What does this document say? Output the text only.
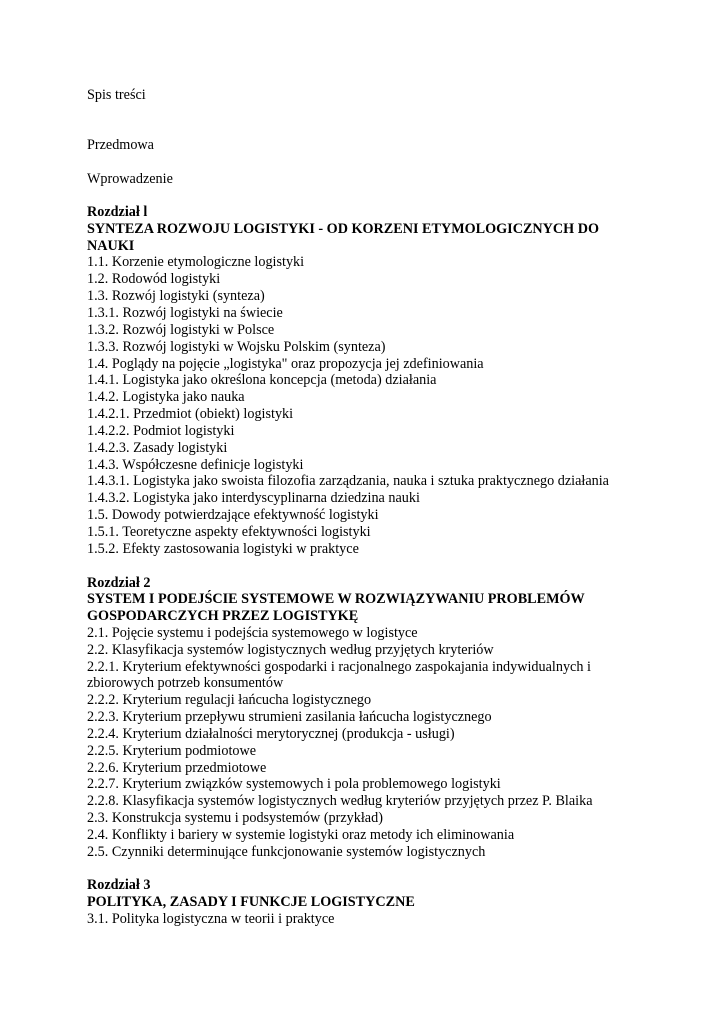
Spis treści
Przedmowa
Wprowadzenie
Rozdział l
SYNTEZA ROZWOJU LOGISTYKI - OD KORZENI ETYMOLOGICZNYCH DO
NAUKI
1.1. Korzenie etymologiczne logistyki
1.2. Rodowód logistyki
1.3. Rozwój logistyki (synteza)
1.3.1. Rozwój logistyki na świecie
1.3.2. Rozwój logistyki w Polsce
1.3.3. Rozwój logistyki w Wojsku Polskim (synteza)
1.4. Poglądy na pojęcie „logistyka" oraz propozycja jej zdefiniowania
1.4.1. Logistyka jako określona koncepcja (metoda) działania
1.4.2. Logistyka jako nauka
1.4.2.1. Przedmiot (obiekt) logistyki
1.4.2.2. Podmiot logistyki
1.4.2.3. Zasady logistyki
1.4.3. Współczesne definicje logistyki
1.4.3.1. Logistyka jako swoista filozofia zarządzania, nauka i sztuka praktycznego działania
1.4.3.2. Logistyka jako interdyscyplinarna dziedzina nauki
1.5. Dowody potwierdzające efektywność logistyki
1.5.1. Teoretyczne aspekty efektywności logistyki
1.5.2. Efekty zastosowania logistyki w praktyce
Rozdział 2
SYSTEM I PODEJŚCIE SYSTEMOWE W ROZWIĄZYWANIU PROBLEMÓW
GOSPODARCZYCH PRZEZ LOGISTYKĘ
2.1. Pojęcie systemu i podejścia systemowego w logistyce
2.2. Klasyfikacja systemów logistycznych według przyjętych kryteriów
2.2.1. Kryterium efektywności gospodarki i racjonalnego zaspokajania indywidualnych i
zbiorowych potrzeb konsumentów
2.2.2. Kryterium regulacji łańcucha logistycznego
2.2.3. Kryterium przepływu strumieni zasilania łańcucha logistycznego
2.2.4. Kryterium działalności merytorycznej (produkcja - usługi)
2.2.5. Kryterium podmiotowe
2.2.6. Kryterium przedmiotowe
2.2.7. Kryterium związków systemowych i pola problemowego logistyki
2.2.8. Klasyfikacja systemów logistycznych według kryteriów przyjętych przez P. Blaika
2.3. Konstrukcja systemu i podsystemów (przykład)
2.4. Konflikty i bariery w systemie logistyki oraz metody ich eliminowania
2.5. Czynniki determinujące funkcjonowanie systemów logistycznych
Rozdział 3
POLITYKA, ZASADY I FUNKCJE LOGISTYCZNE
3.1. Polityka logistyczna w teorii i praktyce
